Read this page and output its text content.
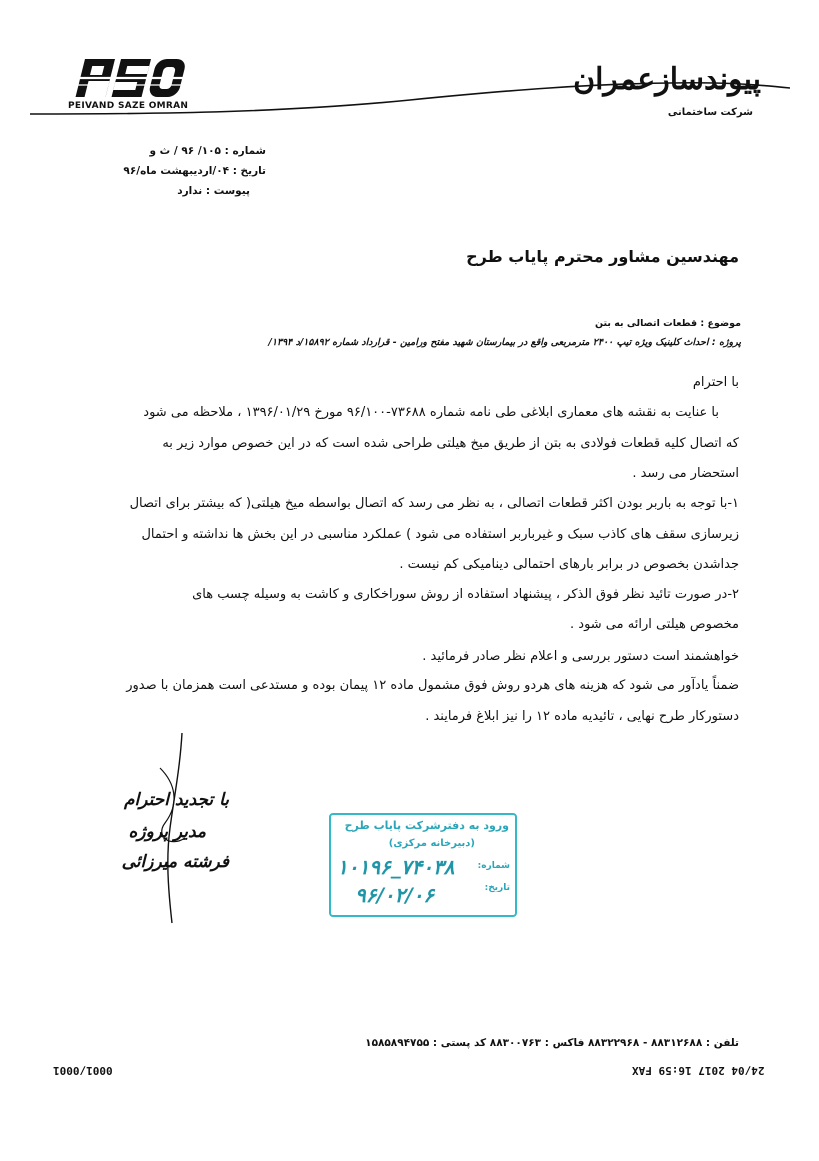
PEIVAND SAZE OMRAN
پیوندسازعمران
شرکت ساختمانی
شماره : ۱۰۵/ ۹۶ / ث و
تاریخ : ۰۴/اردیبهشت ماه/۹۶
پیوست : ندارد
مهندسین مشاور محترم پایاب طرح
موضوع : قطعات اتصالی به بتن
پروژه : احداث کلینیک ویژه تیپ ۲۴۰۰ مترمربعی واقع در بیمارستان شهید مفتح ورامین - قرارداد شماره ۱۵۸۹۲/د ۱۳۹۴/
با احترام
با عنایت به نقشه های معماری ابلاغی طی نامه شماره ۷۳۶۸۸-۹۶/۱۰۰ مورخ ۱۳۹۶/۰۱/۲۹ ، ملاحظه می شود
که اتصال کلیه قطعات فولادی به بتن از طریق میخ هیلتی طراحی شده است که در این خصوص موارد زیر به
استحضار می رسد .
۱-با توجه به باربر بودن اکثر قطعات اتصالی ، به نظر می رسد که اتصال بواسطه میخ هیلتی( که بیشتر برای اتصال
زیرسازی سقف های کاذب سبک و غیرباربر استفاده می شود ) عملکرد مناسبی در این بخش ها نداشته و احتمال
جداشدن بخصوص در برابر بارهای احتمالی دینامیکی کم نیست .
۲-در صورت تائید نظر فوق الذکر ، پیشنهاد استفاده از روش سوراخکاری و کاشت به وسیله چسب های
مخصوص هیلتی ارائه می شود .
خواهشمند است دستور بررسی و اعلام نظر صادر فرمائید .
ضمناً یادآور می شود که هزینه های هردو روش فوق مشمول ماده ۱۲ پیمان بوده و مستدعی است همزمان با صدور
دستورکار طرح نهایی ، تائیدیه ماده ۱۲ را نیز ابلاغ فرمایند .
با تجدید احترام
مدیر پروژه
فرشته میرزائی
ورود به دفترشرکت پایاب طرح
(دبیرخانه مرکزی)
شماره:
تاریخ:
۱۰۱۹۶_۷۴۰۳۸
۹۶/۰۲/۰۶
تلفن : ۸۸۳۱۲۶۸۸ - ۸۸۳۲۲۹۶۸ فاکس : ۸۸۳۰۰۷۶۳ کد پستی : ۱۵۸۵۸۹۴۷۵۵
24/04 2017 16:59 FAX
0001/0001
